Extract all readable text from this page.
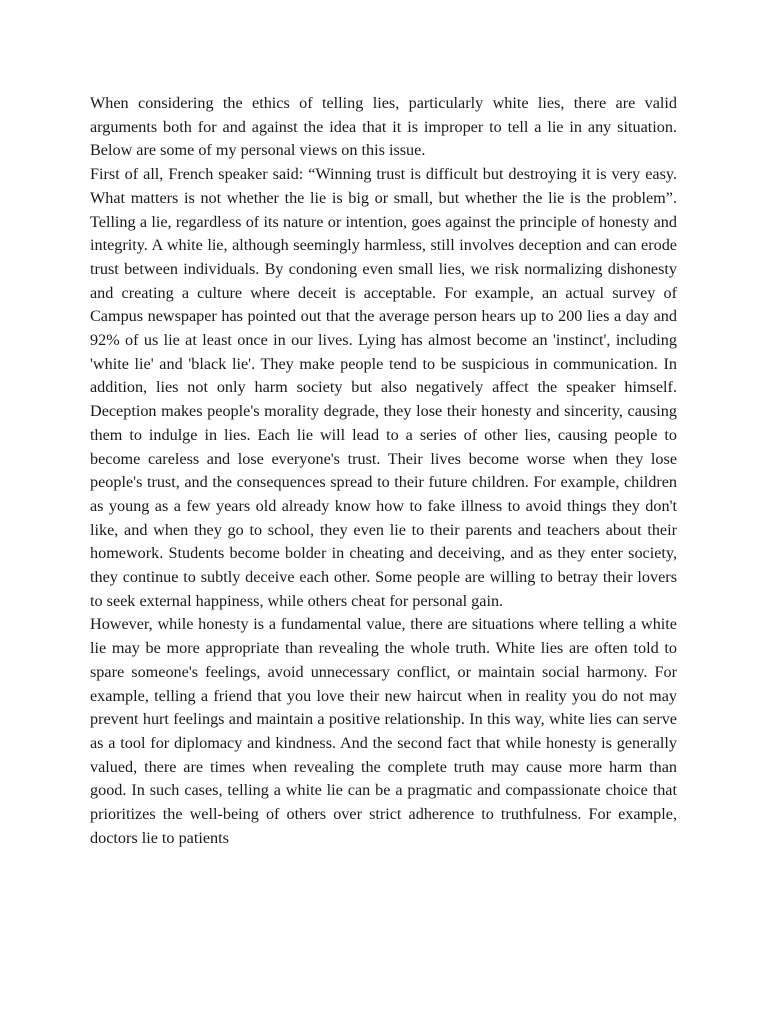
When considering the ethics of telling lies, particularly white lies, there are valid arguments both for and against the idea that it is improper to tell a lie in any situation. Below are some of my personal views on this issue.

First of all, French speaker said: “Winning trust is difficult but destroying it is very easy. What matters is not whether the lie is big or small, but whether the lie is the problem”. Telling a lie, regardless of its nature or intention, goes against the principle of honesty and integrity. A white lie, although seemingly harmless, still involves deception and can erode trust between individuals. By condoning even small lies, we risk normalizing dishonesty and creating a culture where deceit is acceptable. For example, an actual survey of Campus newspaper has pointed out that the average person hears up to 200 lies a day and 92% of us lie at least once in our lives. Lying has almost become an 'instinct', including 'white lie' and 'black lie'. They make people tend to be suspicious in communication. In addition, lies not only harm society but also negatively affect the speaker himself. Deception makes people's morality degrade, they lose their honesty and sincerity, causing them to indulge in lies. Each lie will lead to a series of other lies, causing people to become careless and lose everyone's trust. Their lives become worse when they lose people's trust, and the consequences spread to their future children. For example, children as young as a few years old already know how to fake illness to avoid things they don't like, and when they go to school, they even lie to their parents and teachers about their homework. Students become bolder in cheating and deceiving, and as they enter society, they continue to subtly deceive each other. Some people are willing to betray their lovers to seek external happiness, while others cheat for personal gain.

However, while honesty is a fundamental value, there are situations where telling a white lie may be more appropriate than revealing the whole truth. White lies are often told to spare someone's feelings, avoid unnecessary conflict, or maintain social harmony. For example, telling a friend that you love their new haircut when in reality you do not may prevent hurt feelings and maintain a positive relationship. In this way, white lies can serve as a tool for diplomacy and kindness. And the second fact that while honesty is generally valued, there are times when revealing the complete truth may cause more harm than good. In such cases, telling a white lie can be a pragmatic and compassionate choice that prioritizes the well-being of others over strict adherence to truthfulness. For example, doctors lie to patients
